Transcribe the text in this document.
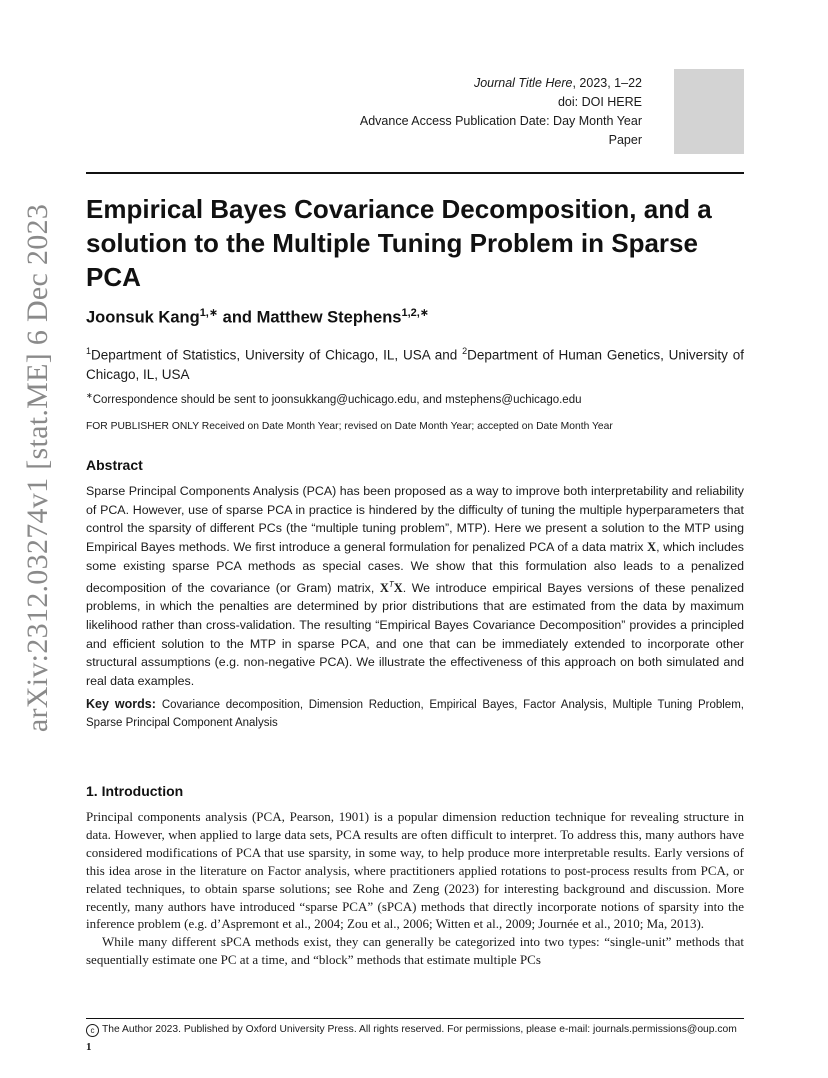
arXiv:2312.03274v1 [stat.ME] 6 Dec 2023
Journal Title Here, 2023, 1–22
doi: DOI HERE
Advance Access Publication Date: Day Month Year
Paper
Empirical Bayes Covariance Decomposition, and a solution to the Multiple Tuning Problem in Sparse PCA
Joonsuk Kang$^{1,∗}$ and Matthew Stephens$^{1,2,∗}$
$^1$Department of Statistics, University of Chicago, IL, USA and $^2$Department of Human Genetics, University of Chicago, IL, USA
∗Correspondence should be sent to joonsukkang@uchicago.edu, and mstephens@uchicago.edu
FOR PUBLISHER ONLY Received on Date Month Year; revised on Date Month Year; accepted on Date Month Year
Abstract
Sparse Principal Components Analysis (PCA) has been proposed as a way to improve both interpretability and reliability of PCA. However, use of sparse PCA in practice is hindered by the difficulty of tuning the multiple hyperparameters that control the sparsity of different PCs (the “multiple tuning problem”, MTP). Here we present a solution to the MTP using Empirical Bayes methods. We first introduce a general formulation for penalized PCA of a data matrix X, which includes some existing sparse PCA methods as special cases. We show that this formulation also leads to a penalized decomposition of the covariance (or Gram) matrix, $X^TX$. We introduce empirical Bayes versions of these penalized problems, in which the penalties are determined by prior distributions that are estimated from the data by maximum likelihood rather than cross-validation. The resulting “Empirical Bayes Covariance Decomposition” provides a principled and efficient solution to the MTP in sparse PCA, and one that can be immediately extended to incorporate other structural assumptions (e.g. non-negative PCA). We illustrate the effectiveness of this approach on both simulated and real data examples.
Key words: Covariance decomposition, Dimension Reduction, Empirical Bayes, Factor Analysis, Multiple Tuning Problem, Sparse Principal Component Analysis
1. Introduction

Principal components analysis (PCA, Pearson, 1901) is a popular dimension reduction technique for revealing structure in data. However, when applied to large data sets, PCA results are often difficult to interpret. To address this, many authors have considered modifications of PCA that use sparsity, in some way, to help produce more interpretable results. Early versions of this idea arose in the literature on Factor analysis, where practitioners applied rotations to post-process results from PCA, or related techniques, to obtain sparse solutions; see Rohe and Zeng (2023) for interesting background and discussion. More recently, many authors have introduced “sparse PCA” (sPCA) methods that directly incorporate notions of sparsity into the inference problem (e.g. d’Aspremont et al., 2004; Zou et al., 2006; Witten et al., 2009; Journée et al., 2010; Ma, 2013).

While many different sPCA methods exist, they can generally be categorized into two types: “single-unit” methods that sequentially estimate one PC at a time, and “block” methods that estimate multiple PCs

c The Author 2023. Published by Oxford University Press. All rights reserved. For permissions, please e-mail: journals.permissions@oup.com
1
